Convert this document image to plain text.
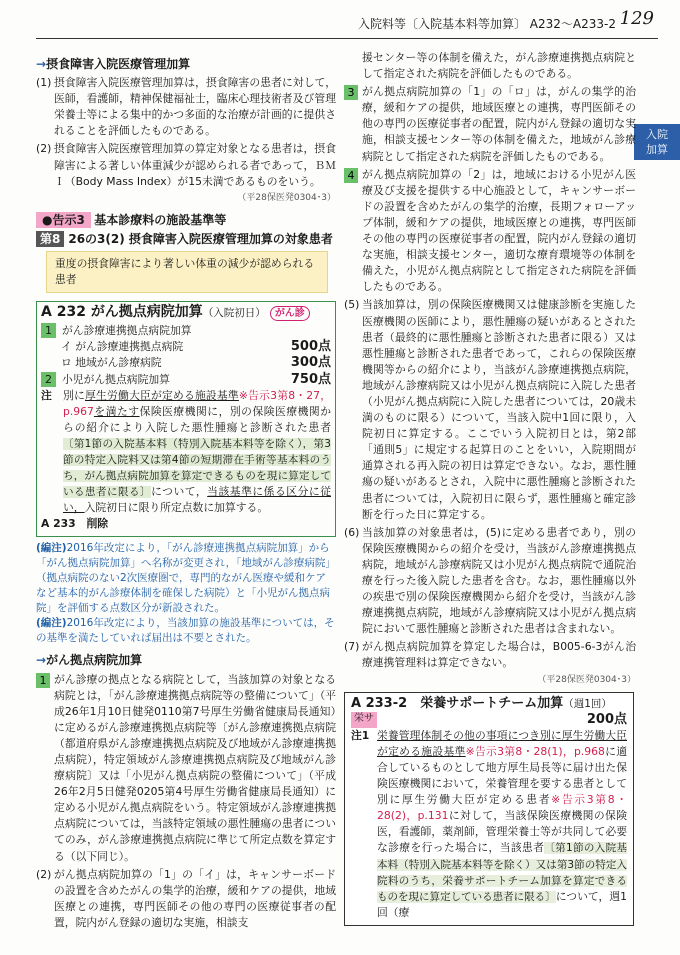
入院料等〔入院基本料等加算〕 A232〜A233-2 129
入院
加算
→摂食障害入院医療管理加算
(1) 摂食障害入院医療管理加算は，摂食障害の患者に対して，医師，看護師，精神保健福祉士，臨床心理技術者及び管理栄養士等による集中的かつ多面的な治療が計画的に提供されることを評価したものである。
(2) 摂食障害入院医療管理加算の算定対象となる患者は，摂食障害による著しい体重減少が認められる者であって，ＢＭＩ（Body Mass Index）が15未満であるものをいう。
（平28保医発0304･3）
●告示3 基本診療料の施設基準等
第8 26の3(2) 摂食障害入院医療管理加算の対象患者
重度の摂食障害により著しい体重の減少が認められる患者
A 232 がん拠点病院加算（入院初日） がん診
1 がん診療連携拠点病院加算
イ がん診療連携拠点病院	500点
ロ 地域がん診療病院	300点
2 小児がん拠点病院加算	750点
注 別に厚生労働大臣が定める施設基準※告示3第8・27，p.967を満たす保険医療機関に，別の保険医療機関からの紹介により入院した悪性腫瘍と診断された患者〔第1節の入院基本料（特別入院基本料等を除く），第3節の特定入院料又は第4節の短期滞在手術等基本料のうち，がん拠点病院加算を算定できるものを現に算定している患者に限る〕について，当該基準に係る区分に従い，入院初日に限り所定点数に加算する。
A 233　 削除
(編注)2016年改定により，「がん診療連携拠点病院加算」から「がん拠点病院加算」へ名称が変更され，「地域がん診療病院」（拠点病院のない2次医療圏で，専門的ながん医療や緩和ケアなど基本的がん診療体制を確保した病院）と「小児がん拠点病院」を評価する点数区分が新設された。
(編注)2016年改定により，当該加算の施設基準については，その基準を満たしていれば届出は不要とされた。
→がん拠点病院加算
1 がん診療の拠点となる病院として，当該加算の対象となる病院とは，「がん診療連携拠点病院等の整備について」（平成26年1月10日健発0110第7号厚生労働省健康局長通知）に定めるがん診療連携拠点病院等〔がん診療連携拠点病院（都道府県がん診療連携拠点病院及び地域がん診療連携拠点病院），特定領域がん診療連携拠点病院及び地域がん診療病院〕又は「小児がん拠点病院の整備について」（平成26年2月5日健発0205第4号厚生労働省健康局長通知）に定める小児がん拠点病院をいう。特定領域がん診療連携拠点病院については，当該特定領域の悪性腫瘍の患者についてのみ，がん診療連携拠点病院に準じて所定点数を算定する（以下同じ）。
(2) がん拠点病院加算の「1」の「イ」は，キャンサーボードの設置を含めたがんの集学的治療，緩和ケアの提供，地域医療との連携，専門医師その他の専門の医療従事者の配置，院内がん登録の適切な実施，相談支
援センター等の体制を備えた，がん診療連携拠点病院として指定された病院を評価したものである。
3 がん拠点病院加算の「1」の「ロ」は，がんの集学的治療，緩和ケアの提供，地域医療との連携，専門医師その他の専門の医療従事者の配置，院内がん登録の適切な実施，相談支援センター等の体制を備えた，地域がん診療病院として指定された病院を評価したものである。
4 がん拠点病院加算の「2」は，地域における小児がん医療及び支援を提供する中心施設として，キャンサーボードの設置を含めたがんの集学的治療，長期フォローアップ体制，緩和ケアの提供，地域医療との連携，専門医師その他の専門の医療従事者の配置，院内がん登録の適切な実施，相談支援センター，適切な療育環境等の体制を備えた，小児がん拠点病院として指定された病院を評価したものである。
(5) 当該加算は，別の保険医療機関又は健康診断を実施した医療機関の医師により，悪性腫瘍の疑いがあるとされた患者（最終的に悪性腫瘍と診断された患者に限る）又は悪性腫瘍と診断された患者であって，これらの保険医療機関等からの紹介により，当該がん診療連携拠点病院，地域がん診療病院又は小児がん拠点病院に入院した患者（小児がん拠点病院に入院した患者については，20歳未満のものに限る）について，当該入院中1回に限り，入院初日に算定する。ここでいう入院初日とは，第2部「通則5」に規定する起算日のことをいい，入院期間が通算される再入院の初日は算定できない。なお，悪性腫瘍の疑いがあるとされ，入院中に悪性腫瘍と診断された患者については，入院初日に限らず，悪性腫瘍と確定診断を行った日に算定する。
(6) 当該加算の対象患者は，(5)に定める患者であり，別の保険医療機関からの紹介を受け，当該がん診療連携拠点病院，地域がん診療病院又は小児がん拠点病院で通院治療を行った後入院した患者を含む。なお，悪性腫瘍以外の疾患で別の保険医療機関から紹介を受け，当該がん診療連携拠点病院，地域がん診療病院又は小児がん拠点病院において悪性腫瘍と診断された患者は含まれない。
(7) がん拠点病院加算を算定した場合は，B005-6-3がん治療連携管理料は算定できない。
（平28保医発0304･3）
A 233-2　 栄養サポートチーム加算（週1回）
栄サ	200点
注1 栄養管理体制その他の事項につき別に厚生労働大臣が定める施設基準※告示3第8・28(1)，p.968に適合しているものとして地方厚生局長等に届け出た保険医療機関において，栄養管理を要する患者として別に厚生労働大臣が定める患者※告示3第8・28(2)，p.131に対して，当該保険医療機関の保険医，看護師，薬剤師，管理栄養士等が共同して必要な診療を行った場合に，当該患者〔第1節の入院基本料（特別入院基本料等を除く）又は第3節の特定入院料のうち，栄養サポートチーム加算を算定できるものを現に算定している患者に限る〕について，週1回（療
